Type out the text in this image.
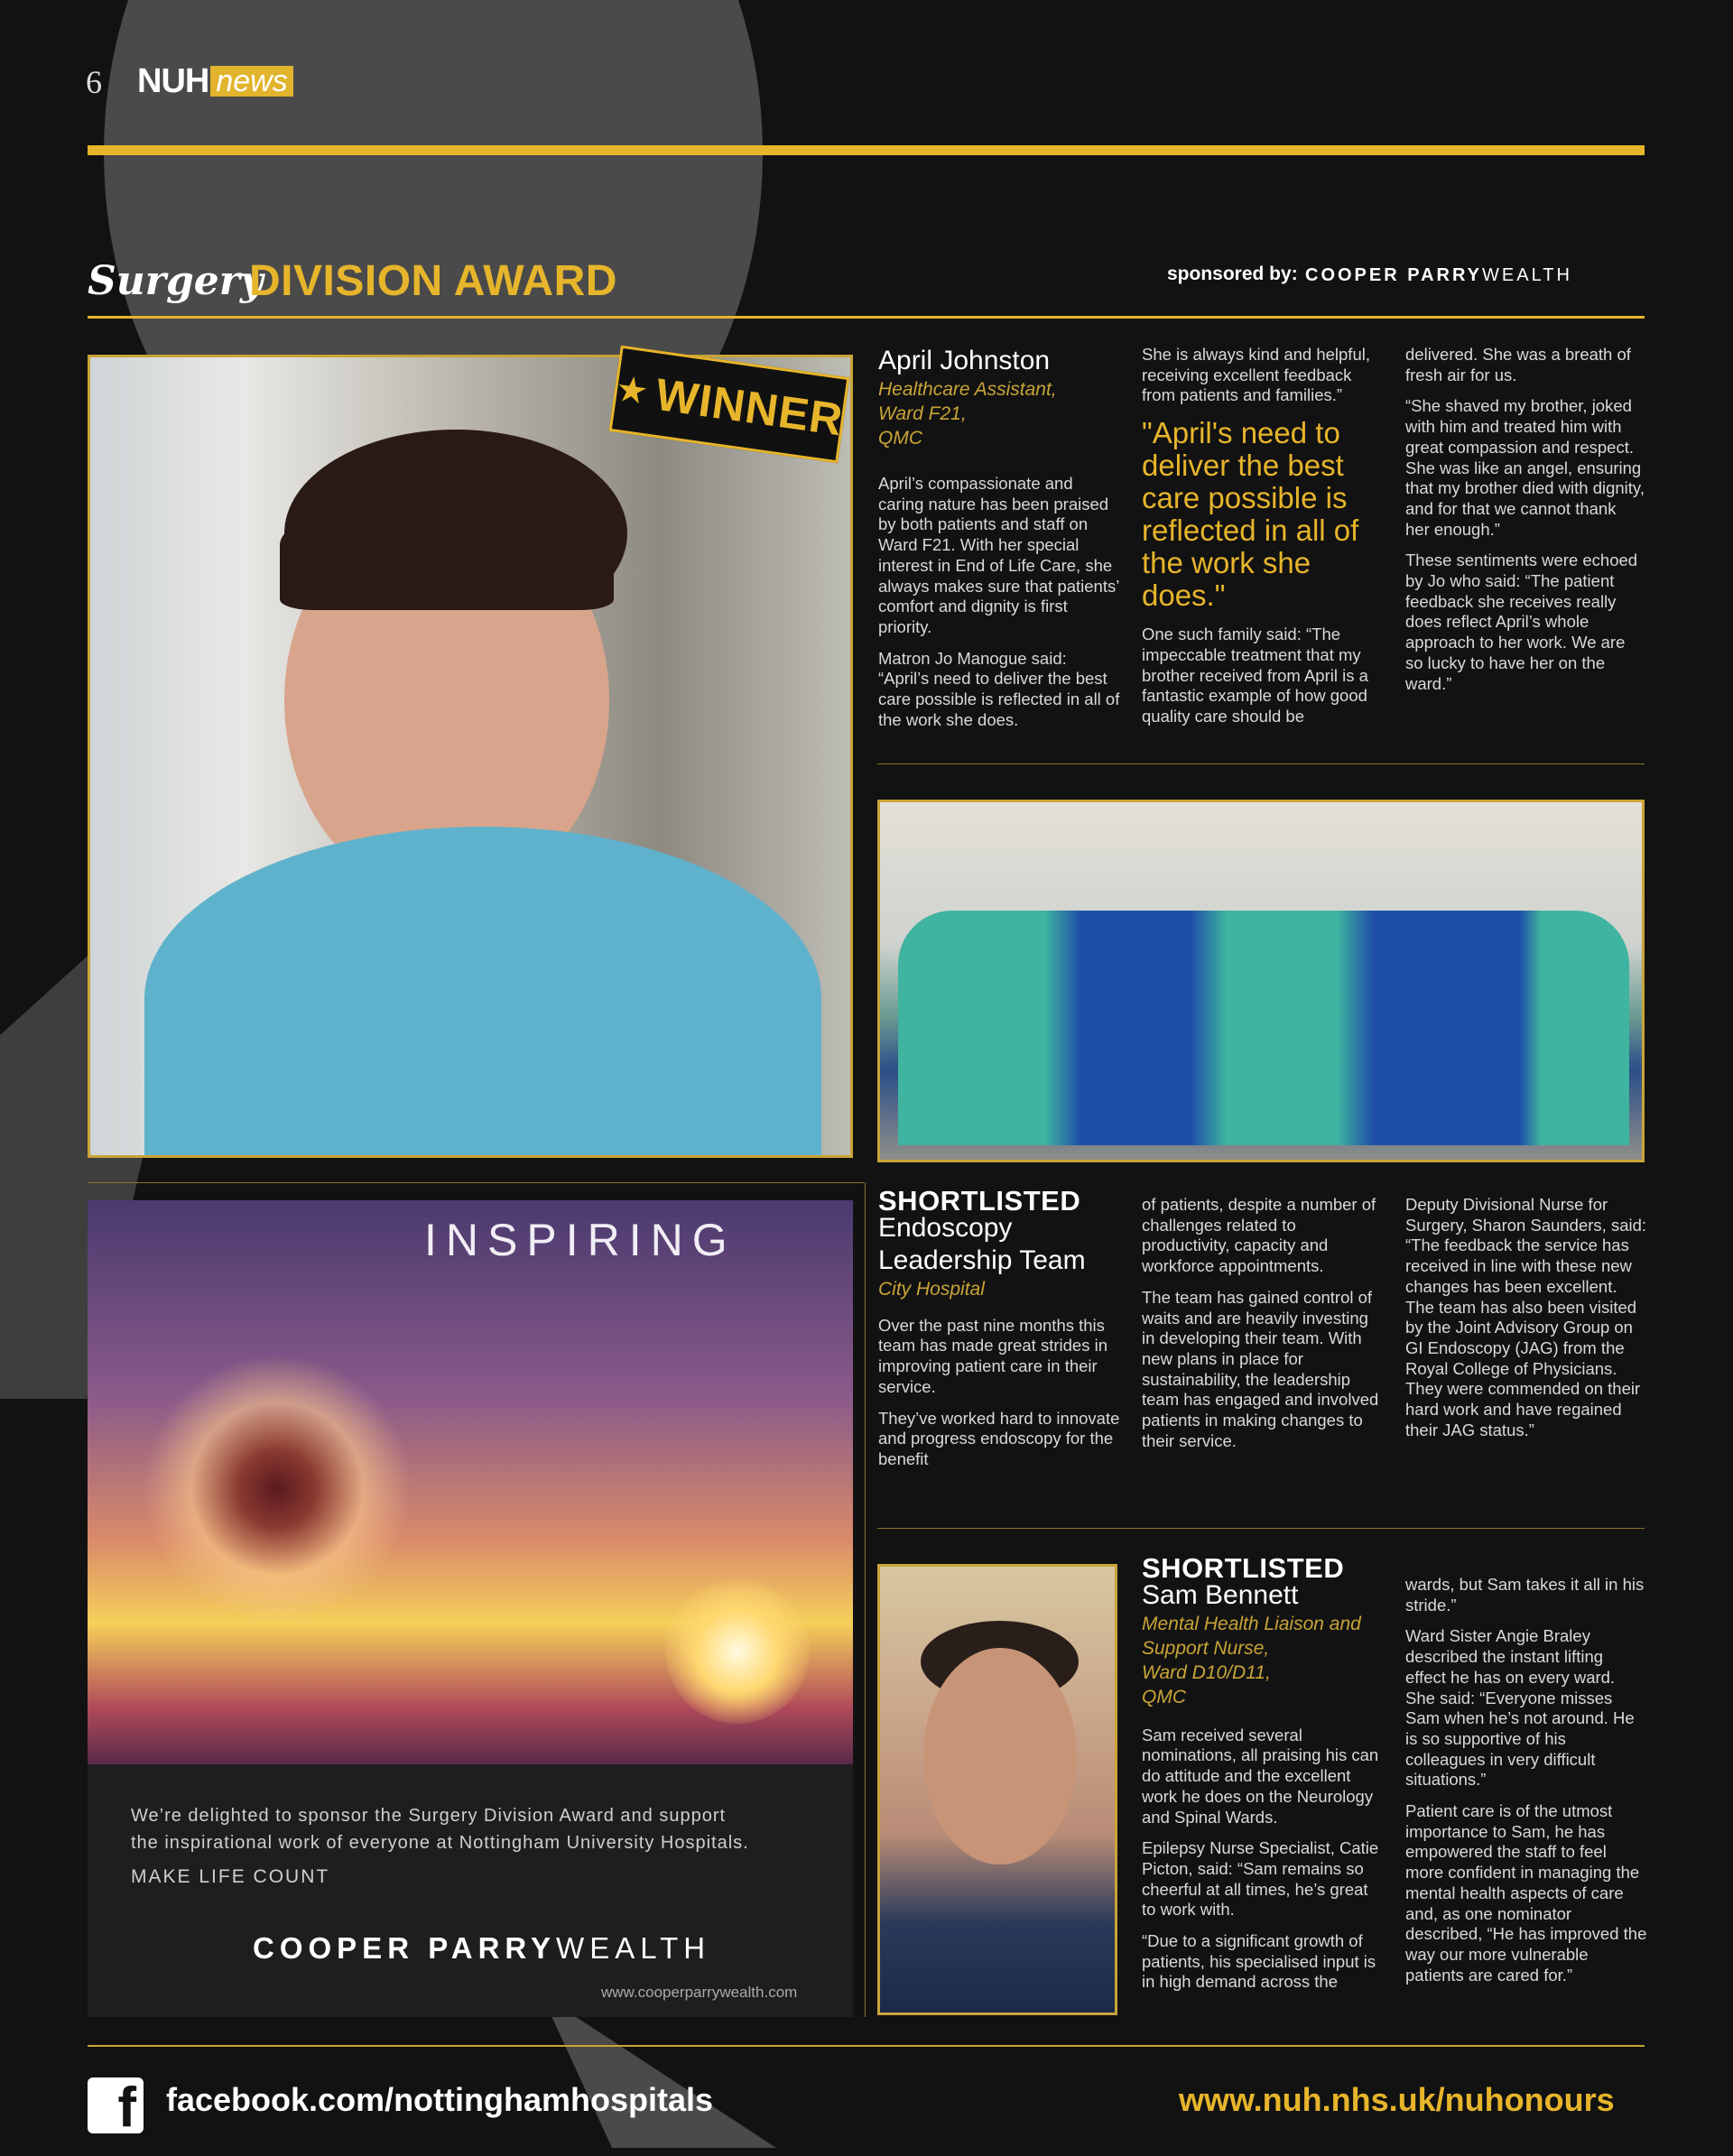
6 NUH news
Surgery
DIVISION AWARD	sponsored by: COOPER PARRYWEALTH
★ WINNER
April Johnston
Healthcare Assistant,
Ward F21,
QMC

April’s compassionate and caring nature has been praised by both patients and staff on Ward F21. With her special interest in End of Life Care, she always makes sure that patients’ comfort and dignity is first priority.

Matron Jo Manogue said: “April’s need to deliver the best care possible is reflected in all of the work she does.

She is always kind and helpful, receiving excellent feedback from patients and families.”

"April's need to deliver the best care possible is reflected in all of the work she does."

One such family said: “The impeccable treatment that my brother received from April is a fantastic example of how good quality care should be

delivered. She was a breath of fresh air for us.

“She shaved my brother, joked with him and treated him with great compassion and respect. She was like an angel, ensuring that my brother died with dignity, and for that we cannot thank her enough.”

These sentiments were echoed by Jo who said: “The patient feedback she receives really does reflect April’s whole approach to her work. We are so lucky to have her on the ward.”

INSPIRING
We’re delighted to sponsor the Surgery Division Award and support
the inspirational work of everyone at Nottingham University Hospitals.
MAKE LIFE COUNT
COOPER PARRYWEALTH
www.cooperparrywealth.com
SHORTLISTED
Endoscopy Leadership Team
City Hospital

Over the past nine months this team has made great strides in improving patient care in their service.

They’ve worked hard to innovate and progress endoscopy for the benefit

of patients, despite a number of challenges related to productivity, capacity and workforce appointments.

The team has gained control of waits and are heavily investing in developing their team. With new plans in place for sustainability, the leadership team has engaged and involved patients in making changes to their service.

Deputy Divisional Nurse for Surgery, Sharon Saunders, said: “The feedback the service has received in line with these new changes has been excellent. The team has also been visited by the Joint Advisory Group on GI Endoscopy (JAG) from the Royal College of Physicians. They were commended on their hard work and have regained their JAG status.”

SHORTLISTED
Sam Bennett
Mental Health Liaison and
Support Nurse,
Ward D10/D11,
QMC

Sam received several nominations, all praising his can do attitude and the excellent work he does on the Neurology and Spinal Wards.

Epilepsy Nurse Specialist, Catie Picton, said: “Sam remains so cheerful at all times, he’s great to work with.

“Due to a significant growth of patients, his specialised input is in high demand across the

wards, but Sam takes it all in his stride.”

Ward Sister Angie Braley described the instant lifting effect he has on every ward. She said: “Everyone misses Sam when he’s not around. He is so supportive of his colleagues in very difficult situations.”

Patient care is of the utmost importance to Sam, he has empowered the staff to feel more confident in managing the mental health aspects of care and, as one nominator described, “He has improved the way our more vulnerable patients are cared for.”

f facebook.com/nottinghamhospitals	www.nuh.nhs.uk/nuhonours
